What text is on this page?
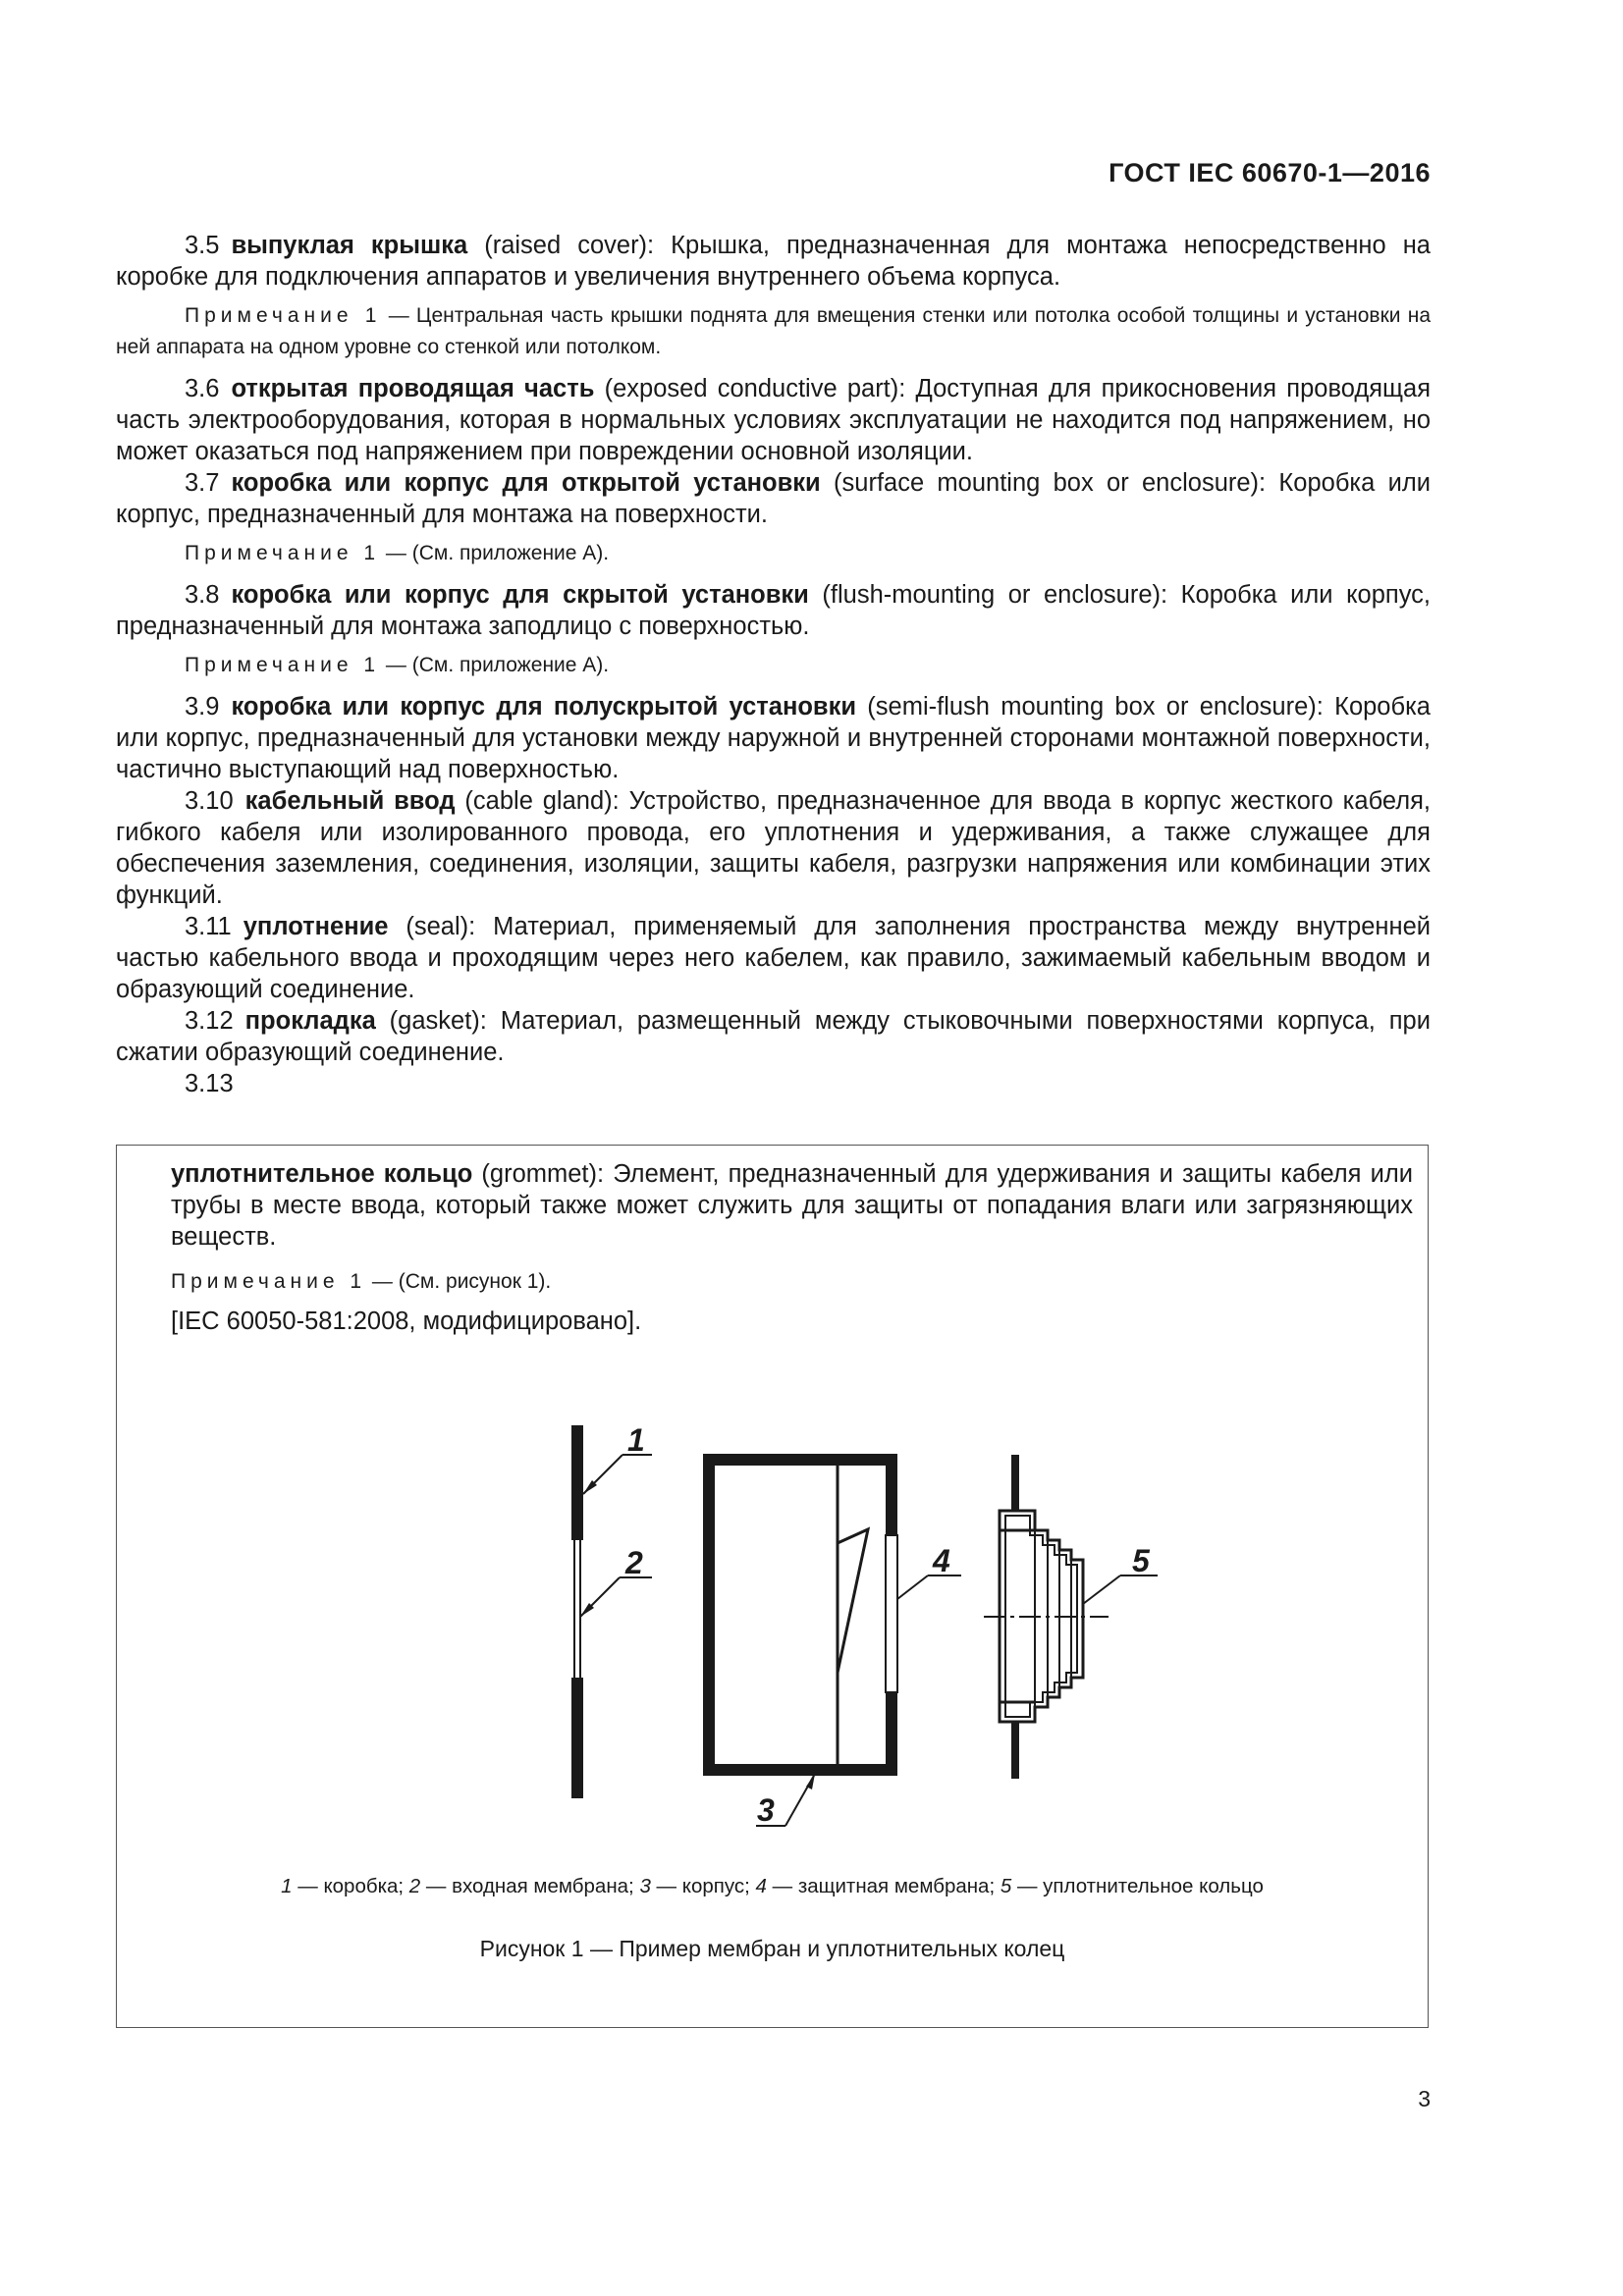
ГОСТ IEC 60670-1—2016

3.5 выпуклая крышка (raised cover): Крышка, предназначенная для монтажа непосредственно на коробке для подключения аппаратов и увеличения внутреннего объема корпуса.

Примечание 1 — Центральная часть крышки поднята для вмещения стенки или потолка особой толщины и установки на ней аппарата на одном уровне со стенкой или потолком.

3.6 открытая проводящая часть (exposed conductive part): Доступная для прикосновения проводящая часть электрооборудования, которая в нормальных условиях эксплуатации не находится под напряжением, но может оказаться под напряжением при повреждении основной изоляции.

3.7 коробка или корпус для открытой установки (surface mounting box or enclosure): Коробка или корпус, предназначенный для монтажа на поверхности.

Примечание 1 — (См. приложение А).

3.8 коробка или корпус для скрытой установки (flush-mounting or enclosure): Коробка или корпус, предназначенный для монтажа заподлицо с поверхностью.

Примечание 1 — (См. приложение А).

3.9 коробка или корпус для полускрытой установки (semi-flush mounting box or enclosure): Коробка или корпус, предназначенный для установки между наружной и внутренней сторонами монтажной поверхности, частично выступающий над поверхностью.

3.10 кабельный ввод (cable gland): Устройство, предназначенное для ввода в корпус жесткого кабеля, гибкого кабеля или изолированного провода, его уплотнения и удерживания, а также служащее для обеспечения заземления, соединения, изоляции, защиты кабеля, разгрузки напряжения или комбинации этих функций.

3.11 уплотнение (seal): Материал, применяемый для заполнения пространства между внутренней частью кабельного ввода и проходящим через него кабелем, как правило, зажимаемый кабельным вводом и образующий соединение.

3.12 прокладка (gasket): Материал, размещенный между стыковочными поверхностями корпуса, при сжатии образующий соединение.

3.13

уплотнительное кольцо (grommet): Элемент, предназначенный для удерживания и защиты кабеля или трубы в месте ввода, который также может служить для защиты от попадания влаги или загрязняющих веществ.

Примечание 1 — (См. рисунок 1).

[IEC 60050-581:2008, модифицировано].

1
2
3
4	5
1 — коробка; 2 — входная мембрана; 3 — корпус; 4 — защитная мембрана; 5 — уплотнительное кольцо
Рисунок 1 — Пример мембран и уплотнительных колец
3
